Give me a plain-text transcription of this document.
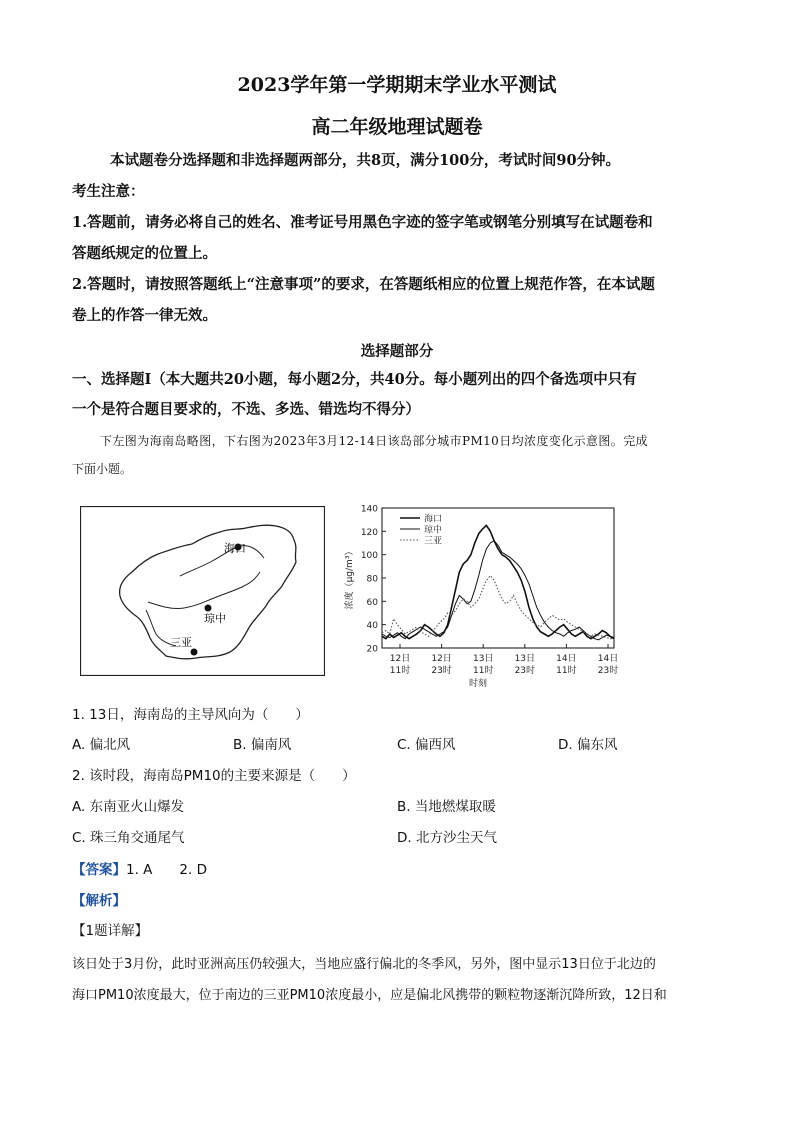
2023学年第一学期期末学业水平测试
高二年级地理试题卷
本试题卷分选择题和非选择题两部分，共8页，满分100分，考试时间90分钟。
考生注意：
1.答题前，请务必将自己的姓名、准考证号用黑色字迹的签字笔或钢笔分别填写在试题卷和
答题纸规定的位置上。
2.答题时，请按照答题纸上“注意事项”的要求，在答题纸相应的位置上规范作答，在本试题
卷上的作答一律无效。
选择题部分
一、选择题Ⅰ（本大题共20小题，每小题2分，共40分。每小题列出的四个备选项中只有
一个是符合题目要求的，不选、多选、错选均不得分）
下左图为海南岛略图，下右图为2023年3月12-14日该岛部分城市PM10日均浓度变化示意图。完成
下面小题。
海口
琼中
三亚
20
40
60
80
100
120
140
浓度（μg/m³）
12日
11时
12日
23时
13日
11时
13日
23时
14日
11时
14日
23时
时刻
海口
琼中
三亚
1. 13日，海南岛的主导风向为（　　）
A. 偏北风	B. 偏南风	C. 偏西风	D. 偏东风
2. 该时段，海南岛PM10的主要来源是（　　）
A. 东南亚火山爆发	B. 当地燃煤取暖
C. 珠三角交通尾气	D. 北方沙尘天气
【答案】1. A　　2. D
【解析】
【1题详解】
该日处于3月份，此时亚洲高压仍较强大，当地应盛行偏北的冬季风，另外，图中显示13日位于北边的
海口PM10浓度最大，位于南边的三亚PM10浓度最小，应是偏北风携带的颗粒物逐渐沉降所致，12日和
